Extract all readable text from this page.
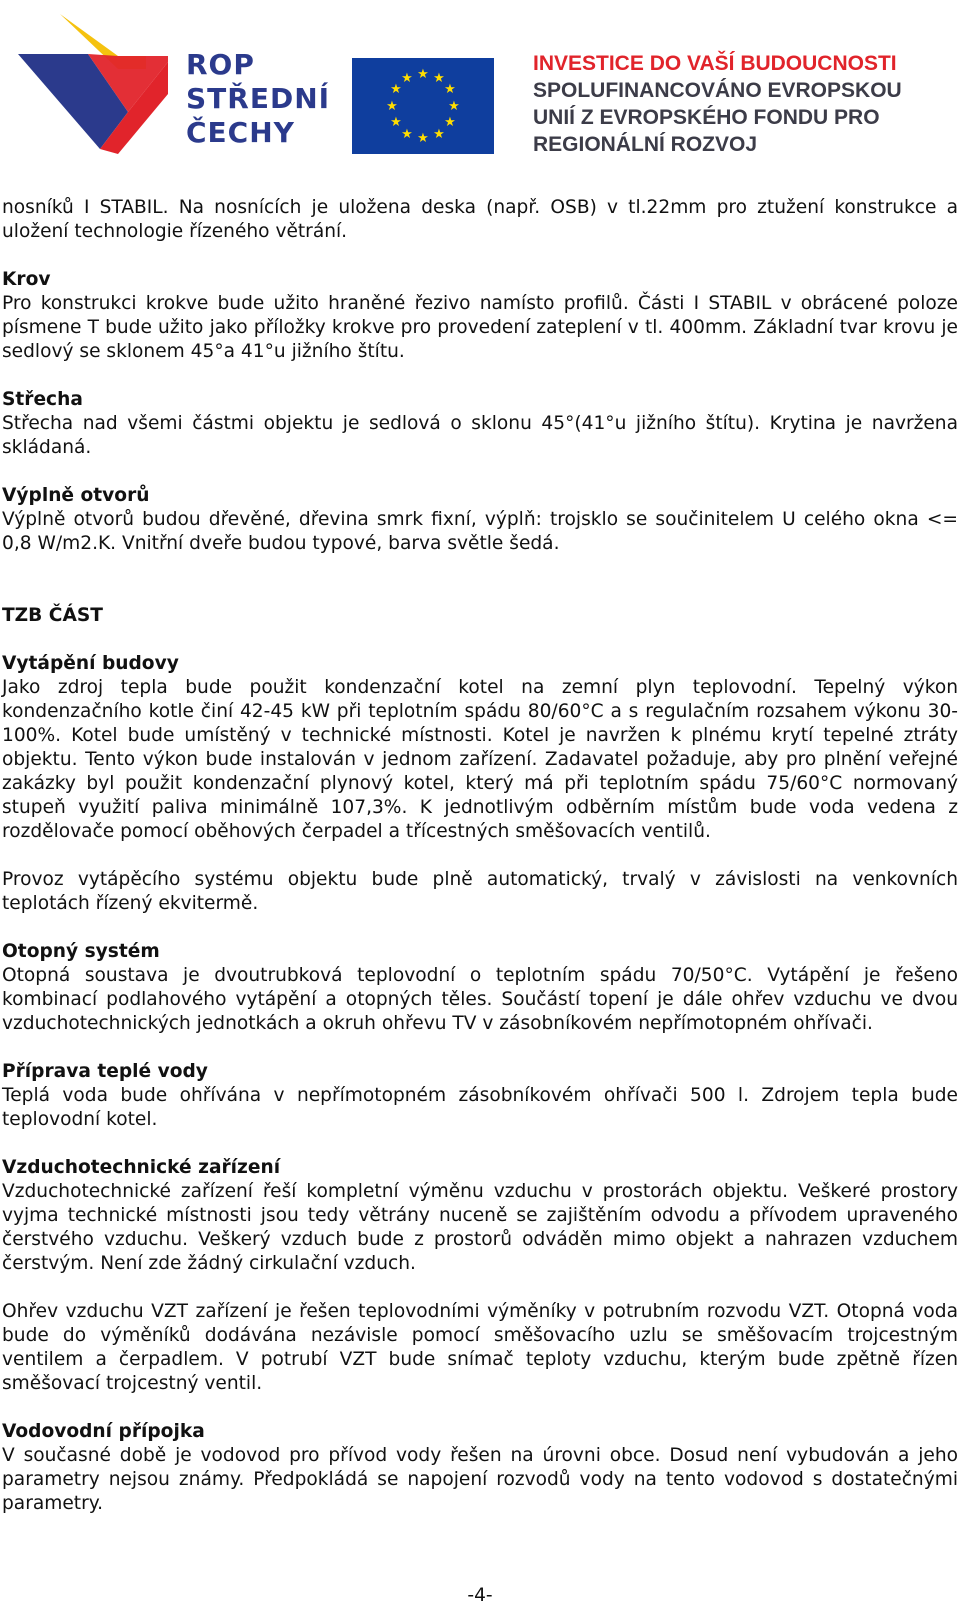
ROP
STŘEDNÍ
ČECHY
★ ★
★
★
★
★
★
★
★
★
★
★
INVESTICE DO VAŠÍ BUDOUCNOSTI
SPOLUFINANCOVÁNO EVROPSKOU
UNIÍ Z EVROPSKÉHO FONDU PRO
REGIONÁLNÍ ROZVOJ

nosníků I STABIL. Na nosnících je uložena deska (např. OSB) v tl.22mm pro ztužení konstrukce a uložení technologie řízeného větrání.

Krov

Pro konstrukci krokve bude užito hraněné řezivo namísto profilů. Části I STABIL v obrácené poloze písmene T bude užito jako příložky krokve pro provedení zateplení v tl. 400mm. Základní tvar krovu je sedlový se sklonem 45°a 41°u jižního štítu.

Střecha

Střecha nad všemi částmi objektu je sedlová o sklonu 45°(41°u jižního štítu). Krytina je navržena skládaná.

Výplně otvorů

Výplně otvorů budou dřevěné, dřevina smrk fixní, výplň: trojsklo se součinitelem U celého okna <= 0,8 W/m2.K. Vnitřní dveře budou typové, barva světle šedá.

TZB ČÁST

Vytápění budovy

Jako zdroj tepla bude použit kondenzační kotel na zemní plyn teplovodní. Tepelný výkon kondenzačního kotle činí 42-45 kW při teplotním spádu 80/60°C a s regulačním rozsahem výkonu 30-100%. Kotel bude umístěný v technické místnosti. Kotel je navržen k plnému krytí tepelné ztráty objektu. Tento výkon bude instalován v jednom zařízení. Zadavatel požaduje, aby pro plnění veřejné zakázky byl použit kondenzační plynový kotel, který má při teplotním spádu 75/60°C normovaný stupeň využití paliva minimálně 107,3%. K jednotlivým odběrním místům bude voda vedena z rozdělovače pomocí oběhových čerpadel a třícestných směšovacích ventilů.

Provoz vytápěcího systému objektu bude plně automatický, trvalý v závislosti na venkovních teplotách řízený ekvitermě.

Otopný systém

Otopná soustava je dvoutrubková teplovodní o teplotním spádu 70/50°C. Vytápění je řešeno kombinací podlahového vytápění a otopných těles. Součástí topení je dále ohřev vzduchu ve dvou vzduchotechnických jednotkách a okruh ohřevu TV v zásobníkovém nepřímotopném ohřívači.

Příprava teplé vody

Teplá voda bude ohřívána v nepřímotopném zásobníkovém ohřívači 500 l. Zdrojem tepla bude teplovodní kotel.

Vzduchotechnické zařízení

Vzduchotechnické zařízení řeší kompletní výměnu vzduchu v prostorách objektu. Veškeré prostory vyjma technické místnosti jsou tedy větrány nuceně se zajištěním odvodu a přívodem upraveného čerstvého vzduchu. Veškerý vzduch bude z prostorů odváděn mimo objekt a nahrazen vzduchem čerstvým. Není zde žádný cirkulační vzduch.

Ohřev vzduchu VZT zařízení je řešen teplovodními výměníky v potrubním rozvodu VZT. Otopná voda bude do výměníků dodávána nezávisle pomocí směšovacího uzlu se směšovacím trojcestným ventilem a čerpadlem. V potrubí VZT bude snímač teploty vzduchu, kterým bude zpětně řízen směšovací trojcestný ventil.

Vodovodní přípojka

V současné době je vodovod pro přívod vody řešen na úrovni obce. Dosud není vybudován a jeho parametry nejsou známy. Předpokládá se napojení rozvodů vody na tento vodovod s dostatečnými parametry.

-4-
